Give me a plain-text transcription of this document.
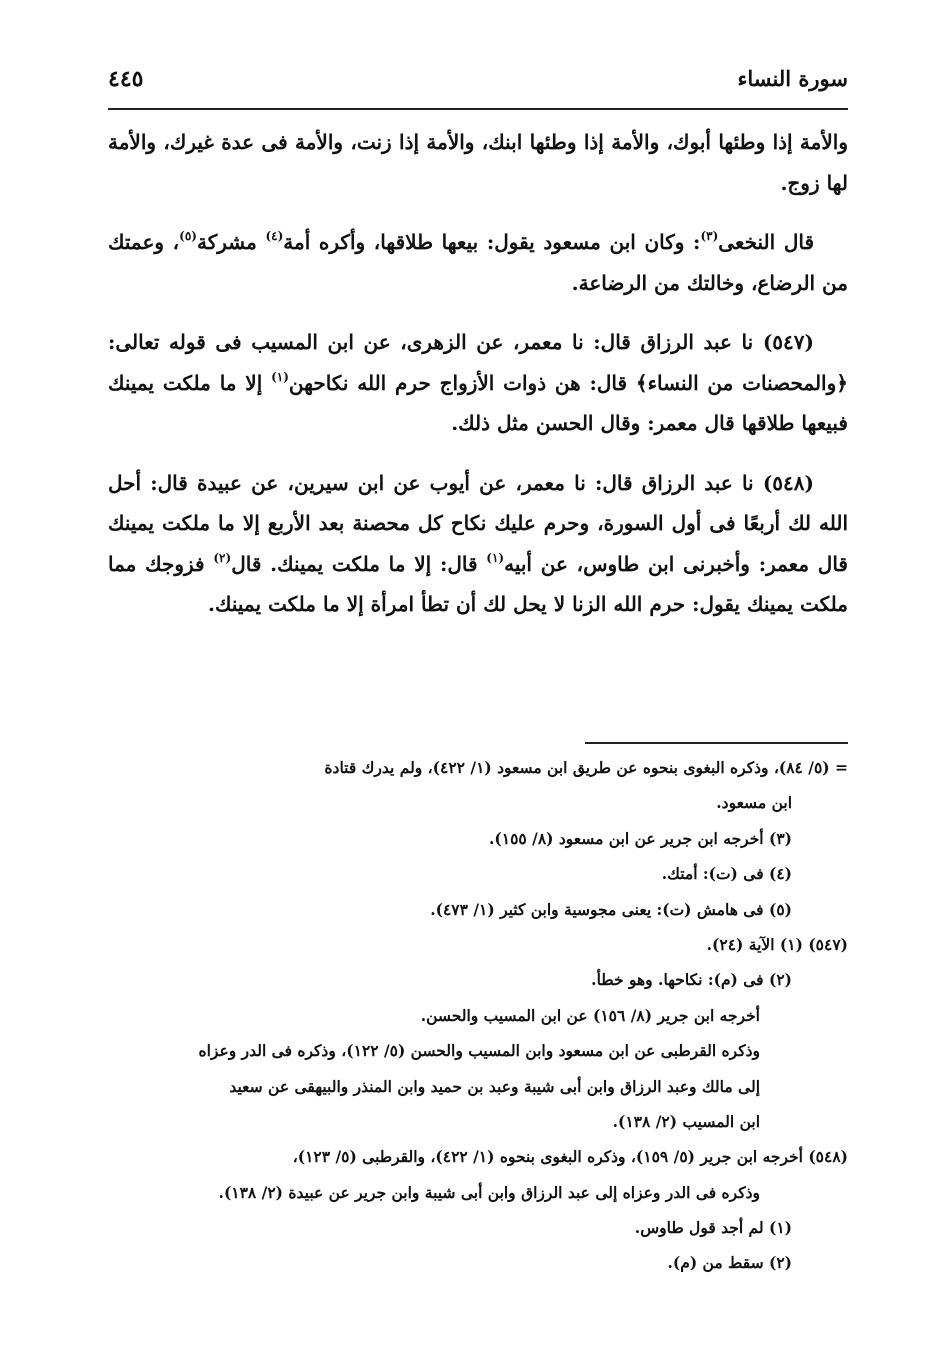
سورة النساء
٤٤٥

والأمة إذا وطئها أبوك، والأمة إذا وطئها ابنك، والأمة إذا زنت، والأمة فى عدة غيرك، والأمة لها زوج.

قال النخعى$^{(٣)}$: وكان ابن مسعود يقول: بيعها طلاقها، وأكره أمة$^{(٤)}$ مشركة$^{(٥)}$، وعمتك من الرضاع، وخالتك من الرضاعة.

(٥٤٧) نا عبد الرزاق قال: نا معمر، عن الزهرى، عن ابن المسيب فى قوله تعالى: ﴿والمحصنات من النساء﴾ قال: هن ذوات الأزواج حرم الله نكاحهن$^{(١)}$ إلا ما ملكت يمينك فبيعها طلاقها قال معمر: وقال الحسن مثل ذلك.

(٥٤٨) نا عبد الرزاق قال: نا معمر، عن أيوب عن ابن سيرين، عن عبيدة قال: أحل الله لك أربعًا فى أول السورة، وحرم عليك نكاح كل محصنة بعد الأربع إلا ما ملكت يمينك قال معمر: وأخبرنى ابن طاوس، عن أبيه$^{(١)}$ قال: إلا ما ملكت يمينك. قال$^{(٢)}$ فزوجك مما ملكت يمينك يقول: حرم الله الزنا لا يحل لك أن تطأ امرأة إلا ما ملكت يمينك.

= (٥/ ٨٤)، وذكره البغوى بنحوه عن طريق ابن مسعود (١/ ٤٢٢)، ولم يدرك قتادة
ابن مسعود.
(٣) أخرجه ابن جرير عن ابن مسعود (٨/ ١٥٥).
(٤) فى (ت): أمتك.
(٥) فى هامش (ت): يعنى مجوسية وابن كثير (١/ ٤٧٣).
(٥٤٧) (١) الآية (٢٤).
(٢) فى (م): نكاحها. وهو خطأ.
أخرجه ابن جرير (٨/ ١٥٦) عن ابن المسيب والحسن.
وذكره القرطبى عن ابن مسعود وابن المسيب والحسن (٥/ ١٢٢)، وذكره فى الدر وعزاه
إلى مالك وعبد الرزاق وابن أبى شيبة وعبد بن حميد وابن المنذر والبيهقى عن سعيد
ابن المسيب (٢/ ١٣٨).
(٥٤٨) أخرجه ابن جرير (٥/ ١٥٩)، وذكره البغوى بنحوه (١/ ٤٢٢)، والقرطبى (٥/ ١٢٣)،
وذكره فى الدر وعزاه إلى عبد الرزاق وابن أبى شيبة وابن جرير عن عبيدة (٢/ ١٣٨).
(١) لم أجد قول طاوس.
(٢) سقط من (م).
